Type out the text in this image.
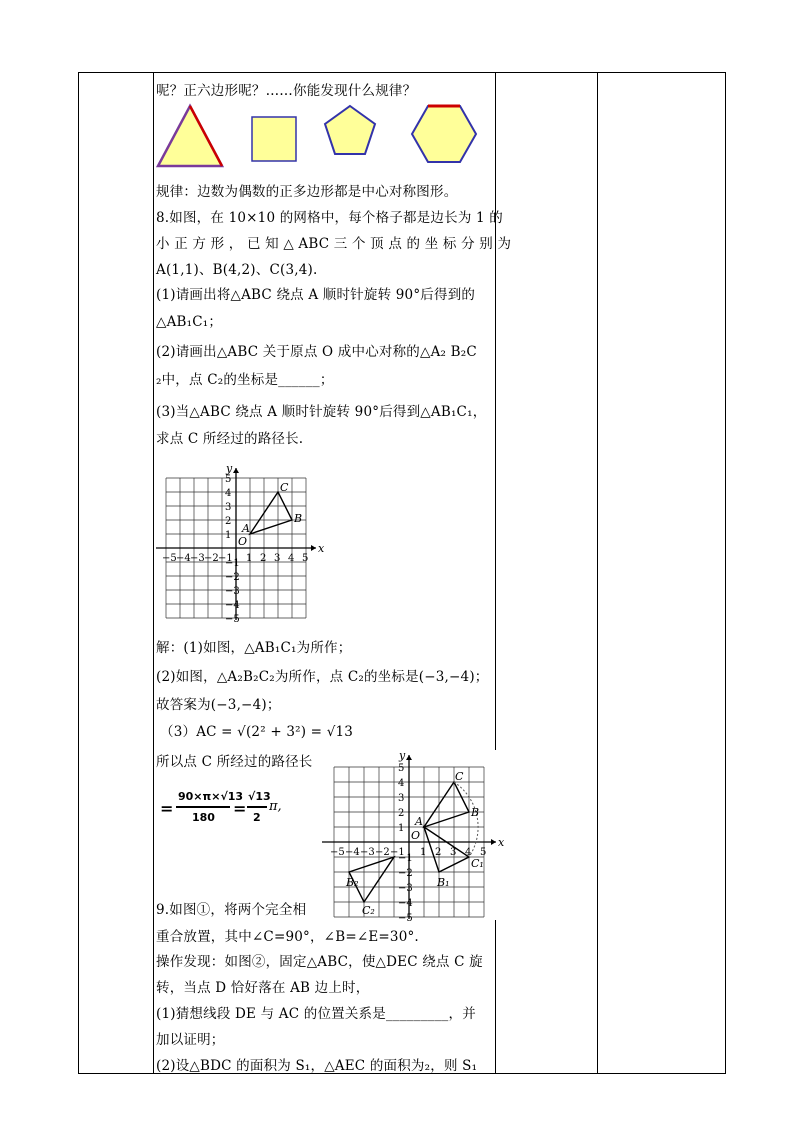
呢？正六边形呢？……你能发现什么规律？
规律：边数为偶数的正多边形都是中心对称图形。
8.如图，在 10×10 的网格中，每个格子都是边长为 1 的
小 正 方 形 ， 已 知 △ ABC 三 个 顶 点 的 坐 标 分 别 为
A(1,1)、B(4,2)、C(3,4).
(1)请画出将△ABC 绕点 A 顺时针旋转 90°后得到的
△AB₁C₁；
(2)请画出△ABC 关于原点 O 成中心对称的△A₂ B₂C
₂中，点 C₂的坐标是______；
(3)当△ABC 绕点 A 顺时针旋转 90°后得到△AB₁C₁，
求点 C 所经过的路径长.
x
y
−5 −4 −3 −2 −1 1 2 3 4 5
5
4
3
2
1
−1
−2
−3
−4
−5
O
A
B
C
解：(1)如图，△AB₁C₁为所作；
(2)如图，△A₂B₂C₂为所作，点 C₂的坐标是(−3,−4)；
故答案为(−3,−4)；
（3）AC = √(2² + 3²) = √13
所以点 C 所经过的路径长
=
90×π×√13
180 =
√13
2
π,
9.如图①，将两个完全相
重合放置，其中∠C=90°，∠B=∠E=30°.
操作发现：如图②，固定△ABC，使△DEC 绕点 C 旋
转，当点 D 恰好落在 AB 边上时，
(1)猜想线段 DE 与 AC 的位置关系是_________，并
加以证明；
(2)设△BDC 的面积为 S₁，△AEC 的面积为₂，则 S₁
x
y
−5 −4 −3 −2 −1 1 2 3 4 5
5
4
3
2
1
−1
−2
−3
−4
−5
O
A
B
C
B₁
C₁
B₂
C₂
